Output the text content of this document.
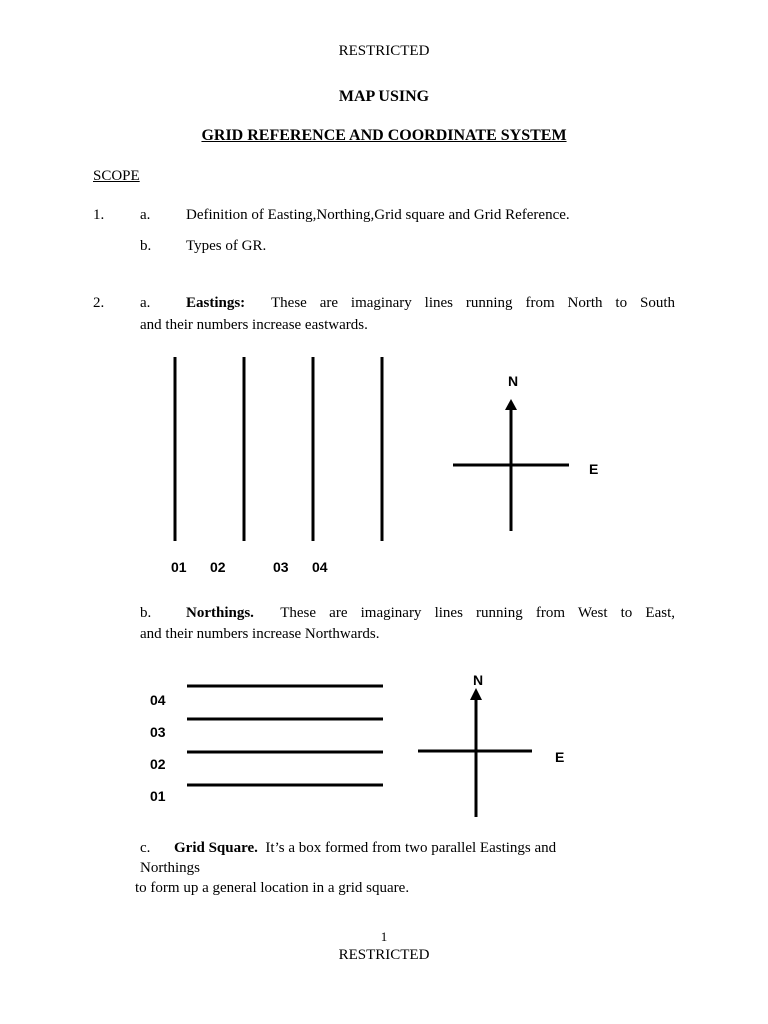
RESTRICTED
MAP USING
GRID REFERENCE AND COORDINATE SYSTEM
SCOPE
1. a. Definition of Easting,Northing,Grid square and Grid Reference.
b. Types of GR.
2. a. Eastings: These are imaginary lines running from North to South
and their numbers increase eastwards.
N
E
01 02	03 04
b. Northings. These are imaginary lines running from West to East,
and their numbers increase Northwards.
N
E
04
03
02
01
c. Grid Square. It’s a box formed from two parallel Eastings and
Northings
to form up a general location in a grid square.
1
RESTRICTED
